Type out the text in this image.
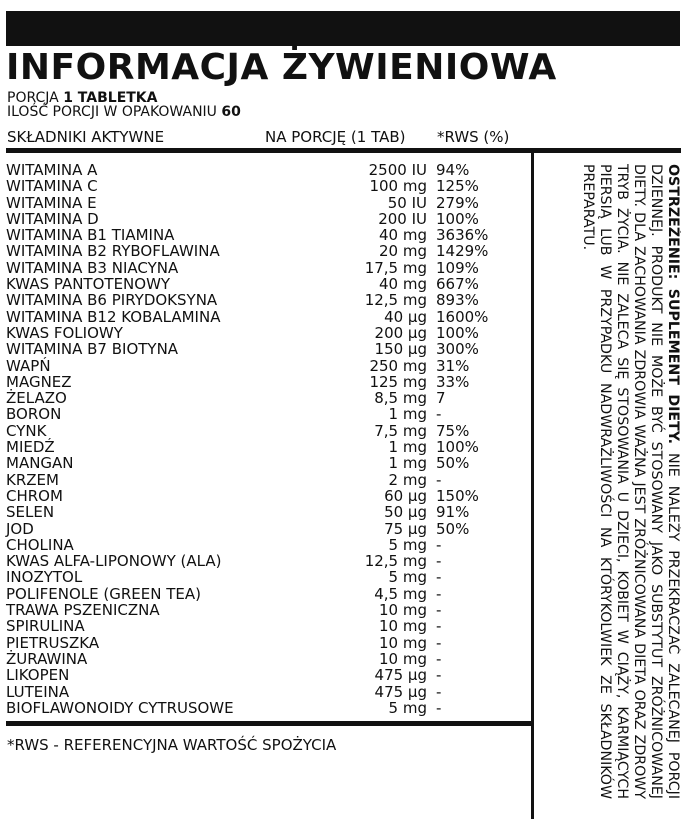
INFORMACJA ŻYWIENIOWA
PORCJA 1 TABLETKA
ILOŚĆ PORCJI W OPAKOWANIU 60
SKŁADNIKI AKTYWNE	NA PORCJĘ (1 TAB) *RWS (%)
WITAMINA A	2500 IU 94%
WITAMINA C	100 mg 125%
WITAMINA E	50 IU 279%
WITAMINA D	200 IU 100%
WITAMINA B1 TIAMINA	40 mg 3636%
WITAMINA B2 RYBOFLAWINA	20 mg 1429%
WITAMINA B3 NIACYNA	17,5 mg 109%
KWAS PANTOTENOWY	40 mg 667%
WITAMINA B6 PIRYDOKSYNA	12,5 mg 893%
WITAMINA B12 KOBALAMINA	40 µg 1600%
KWAS FOLIOWY	200 µg 100%
WITAMINA B7 BIOTYNA	150 µg 300%
WAPŃ	250 mg 31%
MAGNEZ	125 mg 33%
ŻELAZO	8,5 mg 7
BORON	1 mg -
CYNK	7,5 mg 75%
MIEDŹ	1 mg 100%
MANGAN	1 mg 50%
KRZEM	2 mg -
CHROM	60 µg 150%
SELEN	50 µg 91%
JOD	75 µg 50%
CHOLINA	5 mg -
KWAS ALFA-LIPONOWY (ALA)	12,5 mg -
INOZYTOL	5 mg -
POLIFENOLE (GREEN TEA)	4,5 mg -
TRAWA PSZENICZNA	10 mg -
SPIRULINA	10 mg -
PIETRUSZKA	10 mg -
ŻURAWINA	10 mg -
LIKOPEN	475 µg -
LUTEINA	475 µg -
BIOFLAWONOIDY CYTRUSOWE	5 mg -
OSTRZEŻENIE: SUPLEMENT DIETY. NIE NALEŻY PRZEKRACZAĆ ZALECANEJ PORCJI DZIENNEJ. PRODUKT NIE MOŻE BYĆ STOSOWANY JAKO SUBSTYTUT ZRÓŻNICOWANEJ DIETY. DLA ZACHOWANIA ZDROWIA WAŻNA JEST ZRÓŻNICOWANA DIETA ORAZ ZDROWY TRYB ŻYCIA. NIE ZALECA SIĘ STOSOWANIA U DZIECI, KOBIET W CIĄŻY, KARMIĄCYCH PIERSIĄ LUB W PRZYPADKU NADWRAŻLIWOŚCI NA KTÓRYKOLWIEK ZE SKŁADNIKÓW PREPARATU.
*RWS - REFERENCYJNA WARTOŚĆ SPOŻYCIA
